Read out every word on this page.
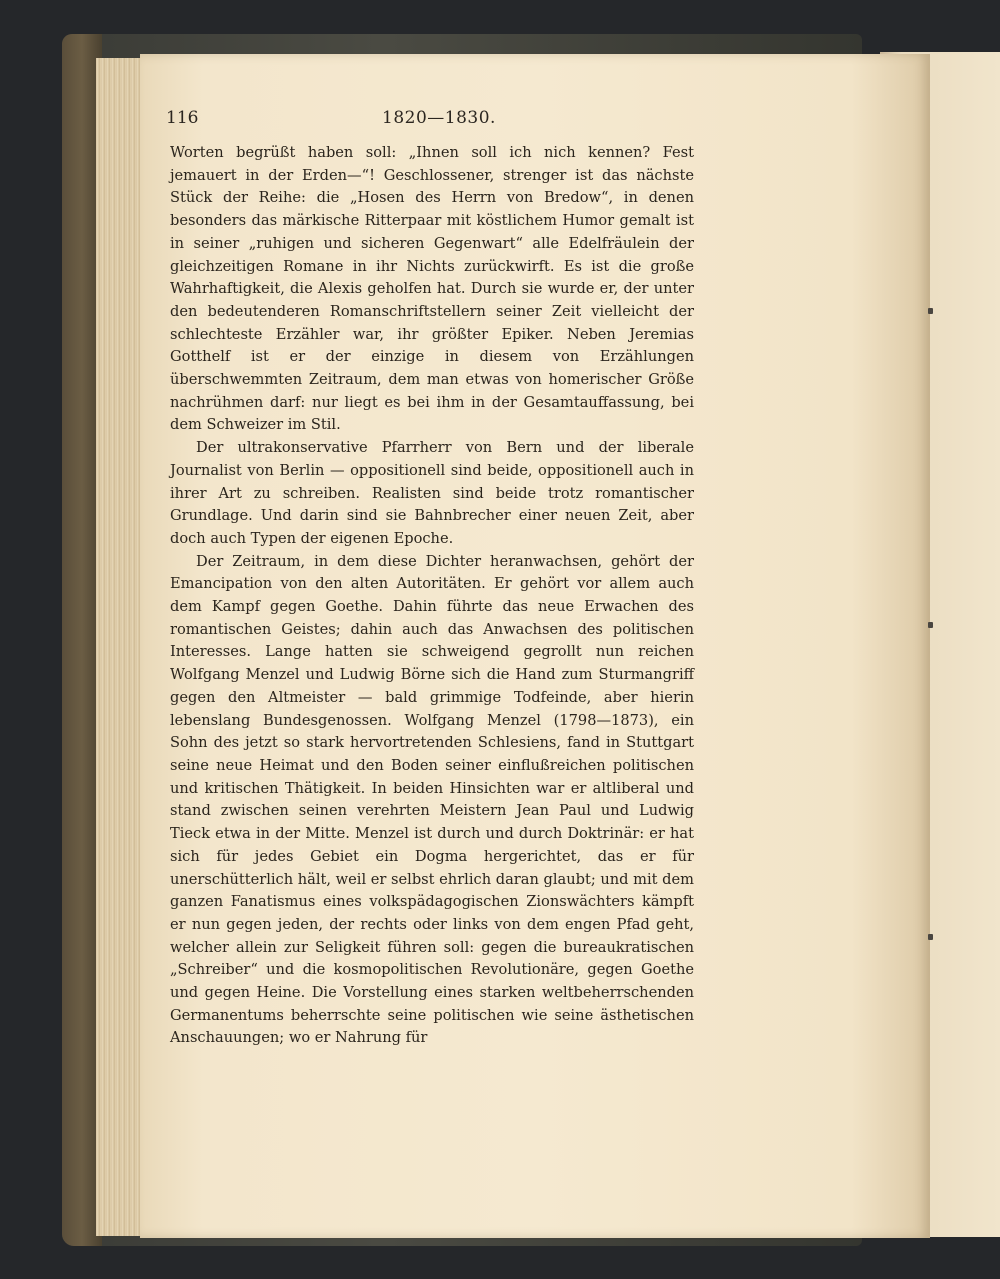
116	1820—1830.

Worten begrüßt haben soll: „Ihnen soll ich nich kennen? Fest jemauert in der Erden—“! Geschlossener, strenger ist das nächste Stück der Reihe: die „Hosen des Herrn von Bredow“, in denen besonders das märkische Ritterpaar mit köstlichem Humor gemalt ist in seiner „ruhigen und sicheren Gegenwart“ alle Edelfräulein der gleichzeitigen Romane in ihr Nichts zurückwirft. Es ist die große Wahrhaftigkeit, die Alexis geholfen hat. Durch sie wurde er, der unter den bedeutenderen Romanschriftstellern seiner Zeit vielleicht der schlechteste Erzähler war, ihr größter Epiker. Neben Jeremias Gotthelf ist er der einzige in diesem von Erzählungen überschwemmten Zeitraum, dem man etwas von homerischer Größe nachrühmen darf: nur liegt es bei ihm in der Gesamtauffassung, bei dem Schweizer im Stil.

Der ultrakonservative Pfarrherr von Bern und der liberale Journalist von Berlin — oppositionell sind beide, oppositionell auch in ihrer Art zu schreiben. Realisten sind beide trotz romantischer Grundlage. Und darin sind sie Bahnbrecher einer neuen Zeit, aber doch auch Typen der eigenen Epoche.

Der Zeitraum, in dem diese Dichter heranwachsen, gehört der Emancipation von den alten Autoritäten. Er gehört vor allem auch dem Kampf gegen Goethe. Dahin führte das neue Erwachen des romantischen Geistes; dahin auch das Anwachsen des politischen Interesses. Lange hatten sie schweigend gegrollt nun reichen Wolfgang Menzel und Ludwig Börne sich die Hand zum Sturmangriff gegen den Altmeister — bald grimmige Todfeinde, aber hierin lebenslang Bundesgenossen. Wolfgang Menzel (1798—1873), ein Sohn des jetzt so stark hervortretenden Schlesiens, fand in Stuttgart seine neue Heimat und den Boden seiner einflußreichen politischen und kritischen Thätigkeit. In beiden Hinsichten war er altliberal und stand zwischen seinen verehrten Meistern Jean Paul und Ludwig Tieck etwa in der Mitte. Menzel ist durch und durch Doktrinär: er hat sich für jedes Gebiet ein Dogma hergerichtet, das er für unerschütterlich hält, weil er selbst ehrlich daran glaubt; und mit dem ganzen Fanatismus eines volkspädagogischen Zionswächters kämpft er nun gegen jeden, der rechts oder links von dem engen Pfad geht, welcher allein zur Seligkeit führen soll: gegen die bureaukratischen „Schreiber“ und die kosmopolitischen Revolutionäre, gegen Goethe und gegen Heine. Die Vorstellung eines starken weltbeherrschenden Germanentums beherrschte seine politischen wie seine ästhetischen Anschauungen; wo er Nahrung für
